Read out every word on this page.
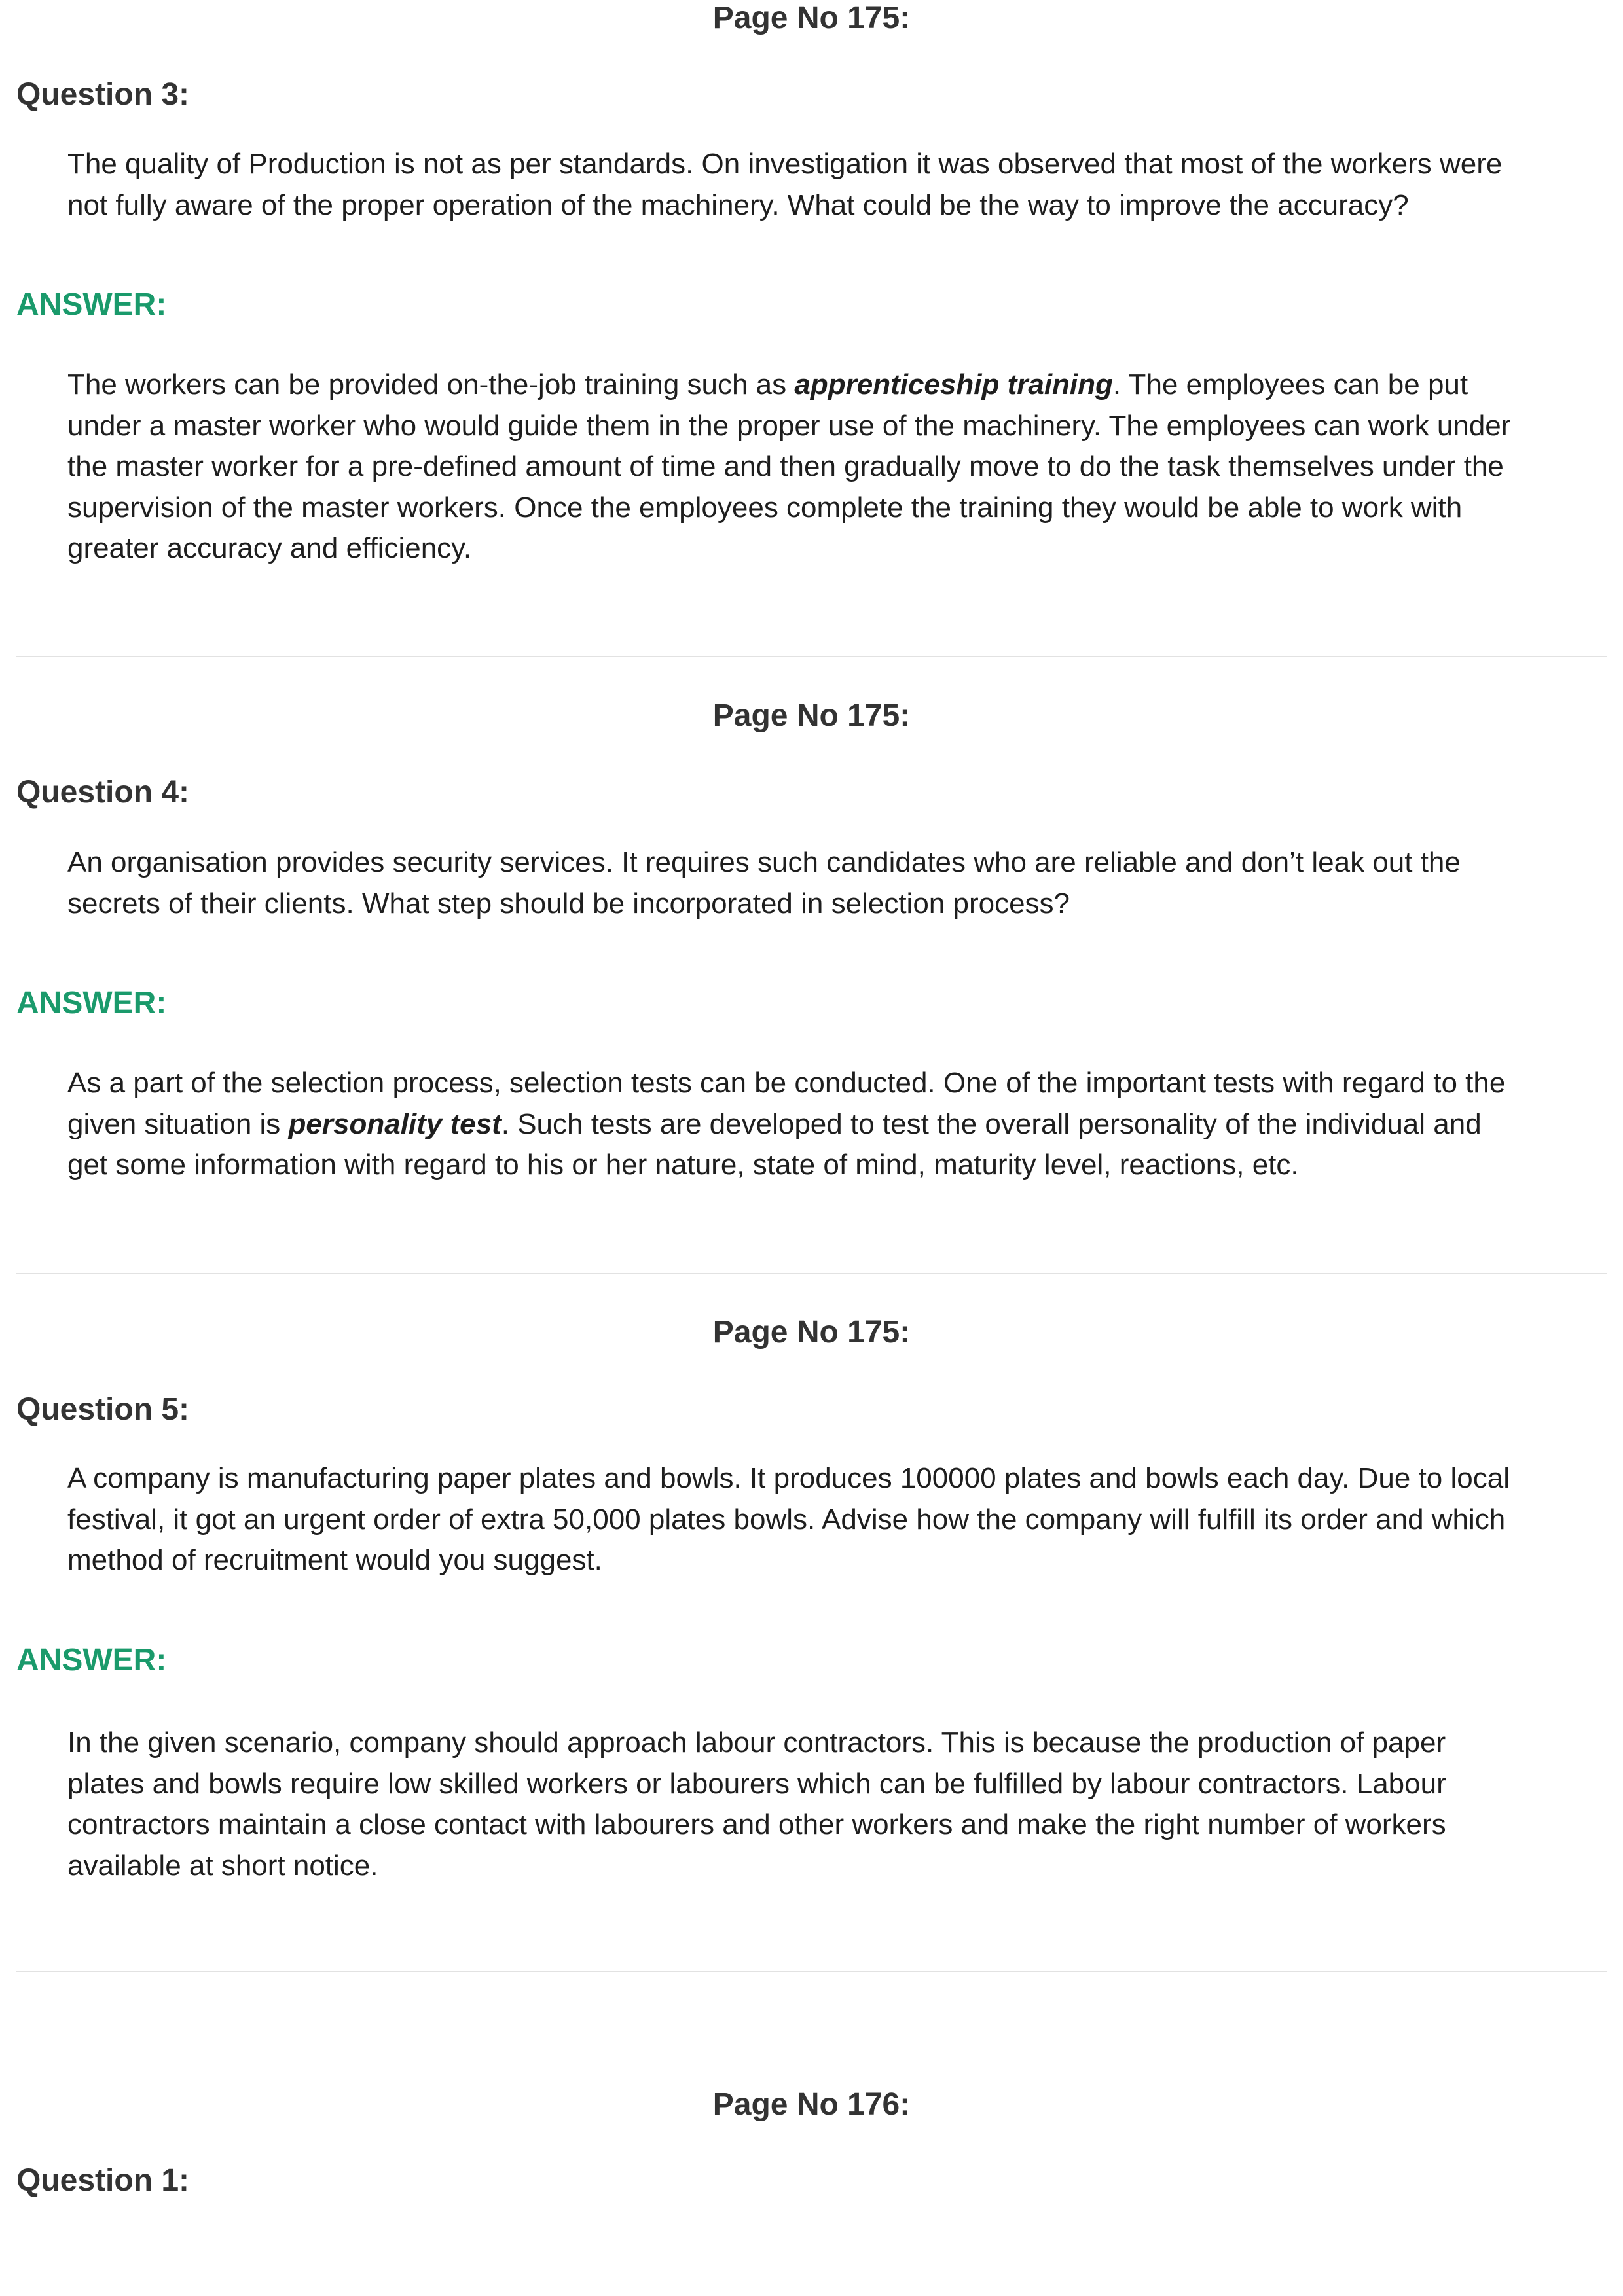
Page No 175:
Question 3:
The quality of Production is not as per standards. On investigation it was observed that most of the workers were
not fully aware of the proper operation of the machinery. What could be the way to improve the accuracy?
ANSWER:
The workers can be provided on-the-job training such as apprenticeship training. The employees can be put
under a master worker who would guide them in the proper use of the machinery. The employees can work under
the master worker for a pre-defined amount of time and then gradually move to do the task themselves under the
supervision of the master workers. Once the employees complete the training they would be able to work with
greater accuracy and efficiency.
Page No 175:
Question 4:
An organisation provides security services. It requires such candidates who are reliable and don’t leak out the
secrets of their clients. What step should be incorporated in selection process?
ANSWER:
As a part of the selection process, selection tests can be conducted. One of the important tests with regard to the
given situation is personality test. Such tests are developed to test the overall personality of the individual and
get some information with regard to his or her nature, state of mind, maturity level, reactions, etc.
Page No 175:
Question 5:
A company is manufacturing paper plates and bowls. It produces 100000 plates and bowls each day. Due to local
festival, it got an urgent order of extra 50,000 plates bowls. Advise how the company will fulfill its order and which
method of recruitment would you suggest.
ANSWER:
In the given scenario, company should approach labour contractors. This is because the production of paper
plates and bowls require low skilled workers or labourers which can be fulfilled by labour contractors. Labour
contractors maintain a close contact with labourers and other workers and make the right number of workers
available at short notice.
Page No 176:
Question 1:
